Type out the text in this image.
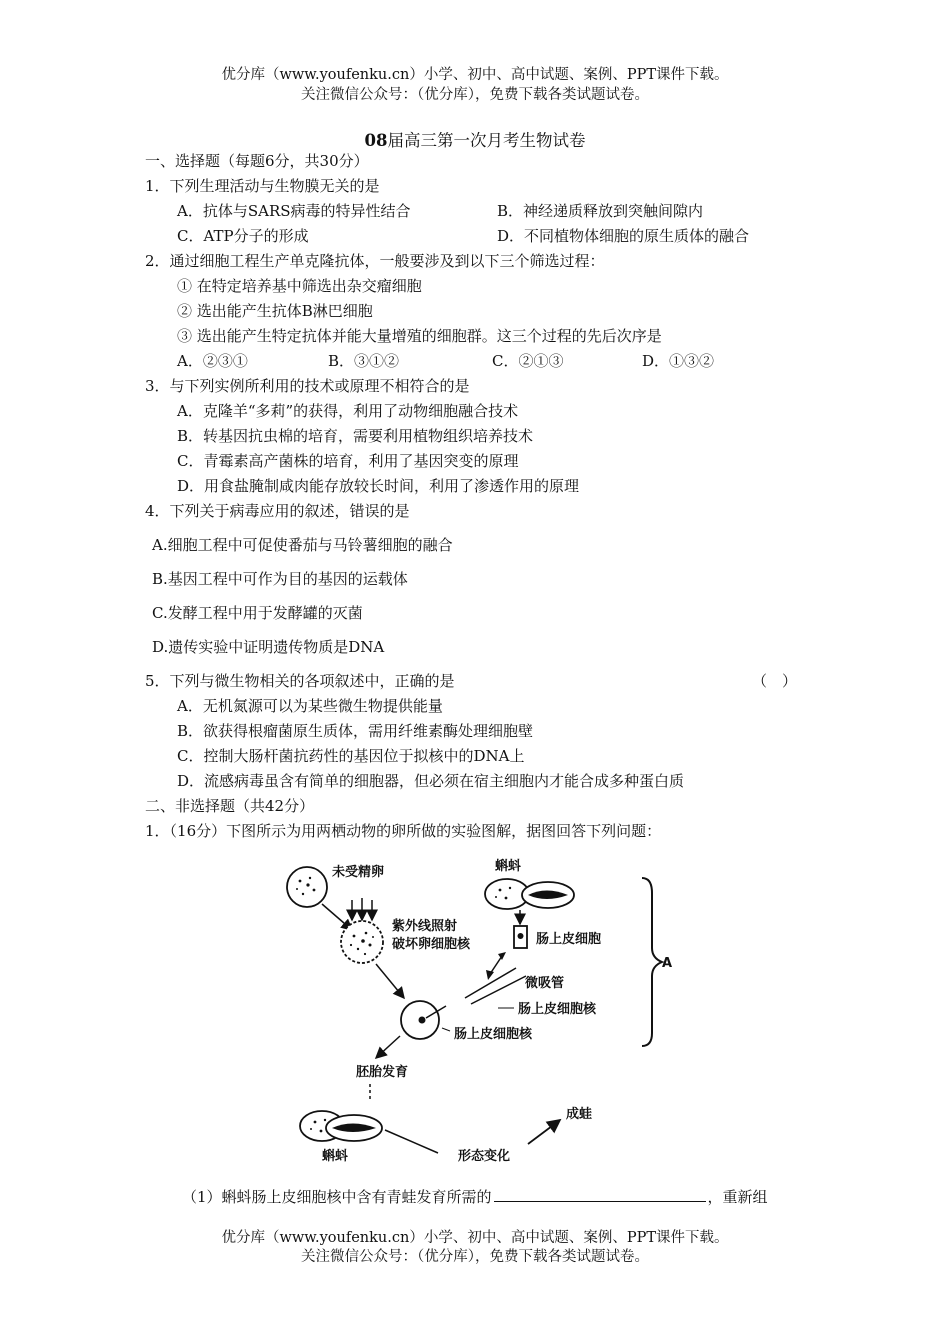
优分库（www.youfenku.cn）小学、初中、高中试题、案例、PPT课件下载。
关注微信公众号：（优分库），免费下载各类试题试卷。
08届高三第一次月考生物试卷
一、选择题（每题6分，共30分）
1．下列生理活动与生物膜无关的是
A．抗体与SARS病毒的特异性结合	B．神经递质释放到突触间隙内
C．ATP分子的形成	D．不同植物体细胞的原生质体的融合
2．通过细胞工程生产单克隆抗体，一般要涉及到以下三个筛选过程：
① 在特定培养基中筛选出杂交瘤细胞
② 选出能产生抗体B淋巴细胞
③ 选出能产生特定抗体并能大量增殖的细胞群。这三个过程的先后次序是
A．②③①	B．③①②	C．②①③	D．①③②
3．与下列实例所利用的技术或原理不相符合的是
A．克隆羊“多莉”的获得，利用了动物细胞融合技术
B．转基因抗虫棉的培育，需要利用植物组织培养技术
C．青霉素高产菌株的培育，利用了基因突变的原理
D．用食盐腌制咸肉能存放较长时间，利用了渗透作用的原理
4．下列关于病毒应用的叙述，错误的是
A.细胞工程中可促使番茄与马铃薯细胞的融合
B.基因工程中可作为目的基因的运载体
C.发酵工程中用于发酵罐的灭菌
D.遗传实验中证明遗传物质是DNA
5．下列与微生物相关的各项叙述中，正确的是	（　）
A．无机氮源可以为某些微生物提供能量
B．欲获得根瘤菌原生质体，需用纤维素酶处理细胞壁
C．控制大肠杆菌抗药性的基因位于拟核中的DNA上
D．流感病毒虽含有简单的细胞器，但必须在宿主细胞内才能合成多种蛋白质
二、非选择题（共42分）
1．（16分）下图所示为用两栖动物的卵所做的实验图解，据图回答下列问题：
未受精卵
紫外线照射
破坏卵细胞核
蝌蚪
肠上皮细胞
A
微吸管
肠上皮细胞核
肠上皮细胞核
胚胎发育
蝌蚪	形态变化
成蛙
（1）蝌蚪肠上皮细胞核中含有青蛙发育所需的	，重新组
优分库（www.youfenku.cn）小学、初中、高中试题、案例、PPT课件下载。
关注微信公众号：（优分库），免费下载各类试题试卷。
